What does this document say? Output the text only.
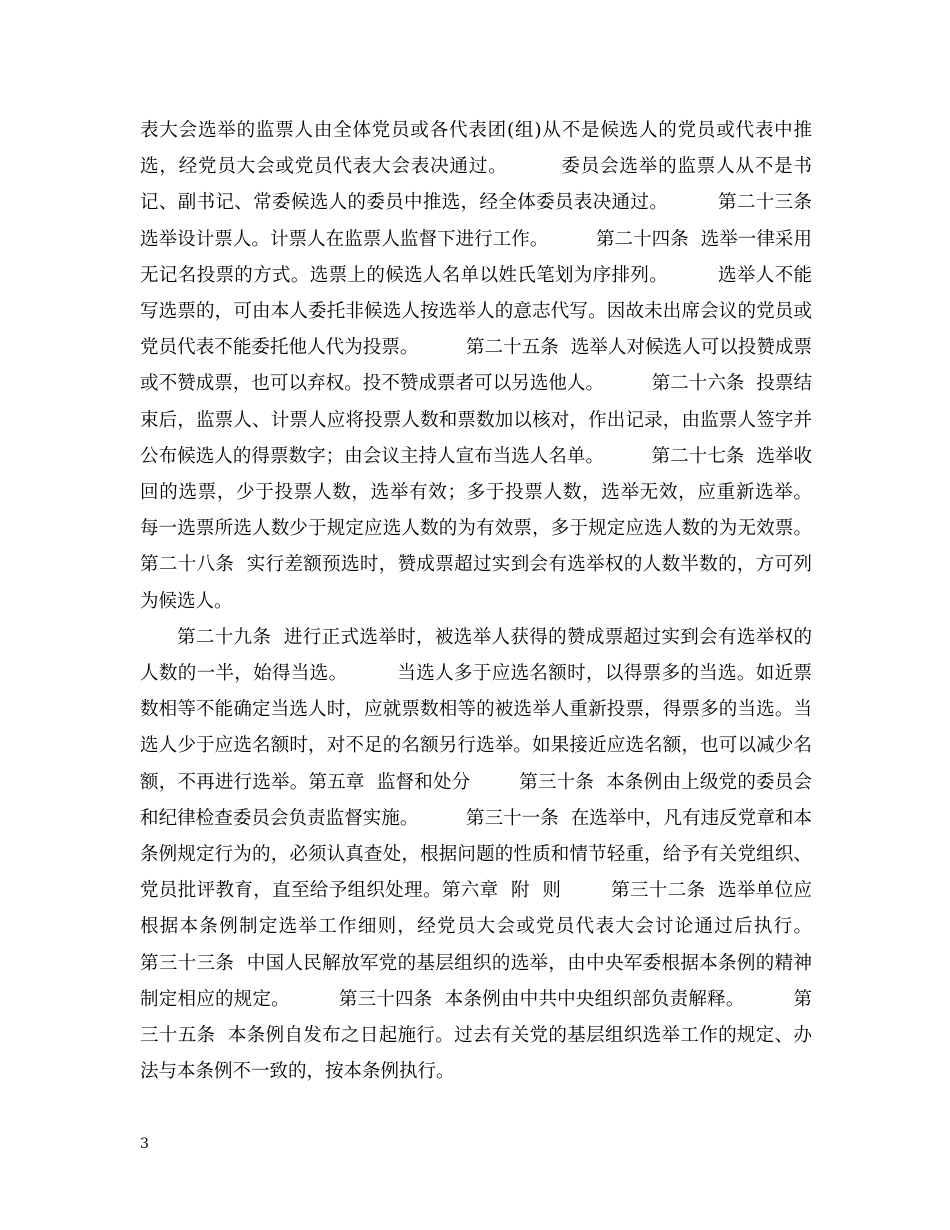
表大会选举的监票人由全体党员或各代表团(组)从不是候选人的党员或代表中推选，经党员大会或党员代表大会表决通过。        委员会选举的监票人从不是书记、副书记、常委候选人的委员中推选，经全体委员表决通过。        第二十三条  选举设计票人。计票人在监票人监督下进行工作。        第二十四条  选举一律采用无记名投票的方式。选票上的候选人名单以姓氏笔划为序排列。        选举人不能写选票的，可由本人委托非候选人按选举人的意志代写。因故未出席会议的党员或党员代表不能委托他人代为投票。        第二十五条  选举人对候选人可以投赞成票或不赞成票，也可以弃权。投不赞成票者可以另选他人。        第二十六条  投票结束后，监票人、计票人应将投票人数和票数加以核对，作出记录，由监票人签字并公布候选人的得票数字；由会议主持人宣布当选人名单。        第二十七条  选举收回的选票，少于投票人数，选举有效；多于投票人数，选举无效，应重新选举。        每一选票所选人数少于规定应选人数的为有效票，多于规定应选人数的为无效票。        第二十八条  实行差额预选时，赞成票超过实到会有选举权的人数半数的，方可列为候选人。

第二十九条  进行正式选举时，被选举人获得的赞成票超过实到会有选举权的人数的一半，始得当选。        当选人多于应选名额时，以得票多的当选。如近票数相等不能确定当选人时，应就票数相等的被选举人重新投票，得票多的当选。当选人少于应选名额时，对不足的名额另行选举。如果接近应选名额，也可以减少名额，不再进行选举。第五章  监督和处分        第三十条  本条例由上级党的委员会和纪律检查委员会负责监督实施。        第三十一条  在选举中，凡有违反党章和本条例规定行为的，必须认真查处，根据问题的性质和情节轻重，给予有关党组织、党员批评教育，直至给予组织处理。第六章  附  则        第三十二条  选举单位应根据本条例制定选举工作细则，经党员大会或党员代表大会讨论通过后执行。        第三十三条  中国人民解放军党的基层组织的选举，由中央军委根据本条例的精神制定相应的规定。        第三十四条  本条例由中共中央组织部负责解释。        第三十五条  本条例自发布之日起施行。过去有关党的基层组织选举工作的规定、办法与本条例不一致的，按本条例执行。

3
